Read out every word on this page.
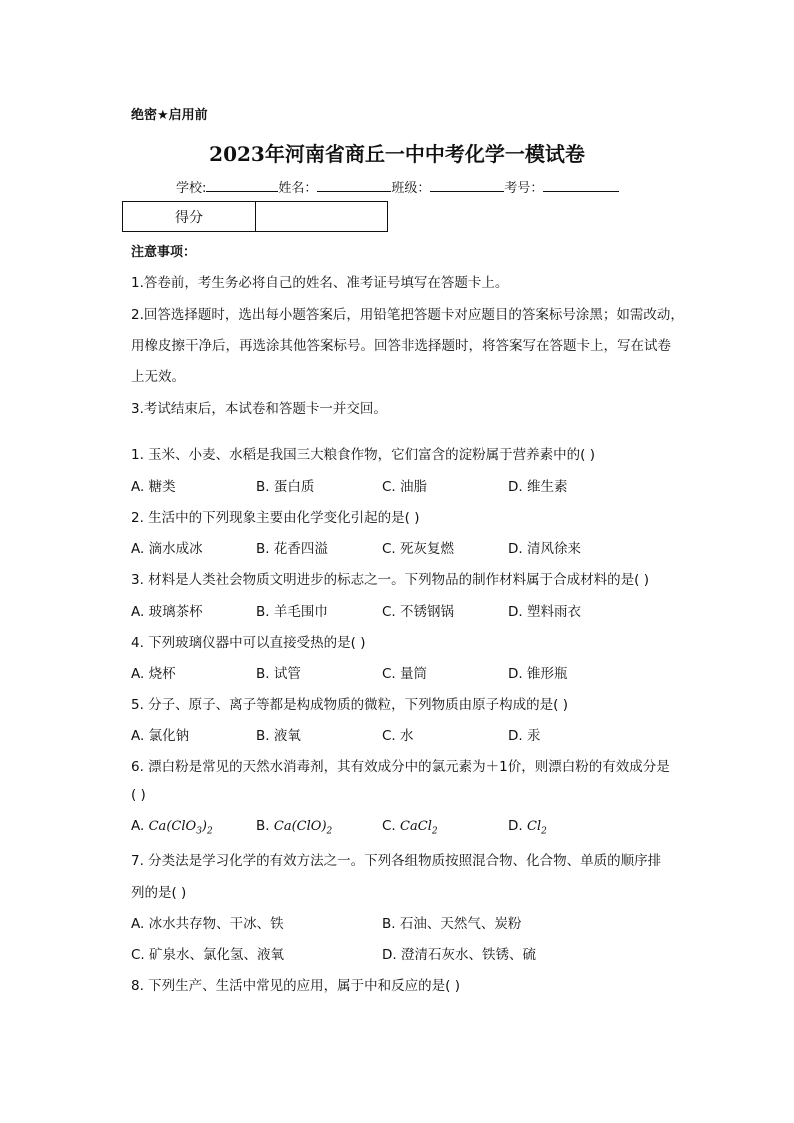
绝密★启用前
2023年河南省商丘一中中考化学一模试卷
学校:	姓名：	班级：	考号：
得分	
注意事项：
1.答卷前，考生务必将自己的姓名、准考证号填写在答题卡上。
2.回答选择题时，选出每小题答案后，用铅笔把答题卡对应题目的答案标号涂黑；如需改动，
用橡皮擦干净后，再选涂其他答案标号。回答非选择题时，将答案写在答题卡上，写在试卷
上无效。
3.考试结束后，本试卷和答题卡一并交回。
1. 玉米、小麦、水稻是我国三大粮食作物，它们富含的淀粉属于营养素中的( )
A. 糖类	B. 蛋白质	C. 油脂	D. 维生素
2. 生活中的下列现象主要由化学变化引起的是( )
A. 滴水成冰	B. 花香四溢	C. 死灰复燃	D. 清风徐来
3. 材料是人类社会物质文明进步的标志之一。下列物品的制作材料属于合成材料的是( )
A. 玻璃茶杯	B. 羊毛围巾	C. 不锈钢锅	D. 塑料雨衣
4. 下列玻璃仪器中可以直接受热的是( )
A. 烧杯	B. 试管	C. 量筒	D. 锥形瓶
5. 分子、原子、离子等都是构成物质的微粒，下列物质由原子构成的是( )
A. 氯化钠	B. 液氧	C. 水	D. 汞
6. 漂白粉是常见的天然水消毒剂，其有效成分中的氯元素为＋1价，则漂白粉的有效成分是
( )
A. $Ca(ClO_3)_2$	B. $Ca(ClO)_2$	C. CaCl$_2$	D. $Cl_2$
7. 分类法是学习化学的有效方法之一。下列各组物质按照混合物、化合物、单质的顺序排
列的是( )
A. 冰水共存物、干冰、铁	B. 石油、天然气、炭粉
C. 矿泉水、氯化氢、液氧	D. 澄清石灰水、铁锈、硫
8. 下列生产、生活中常见的应用，属于中和反应的是( )
